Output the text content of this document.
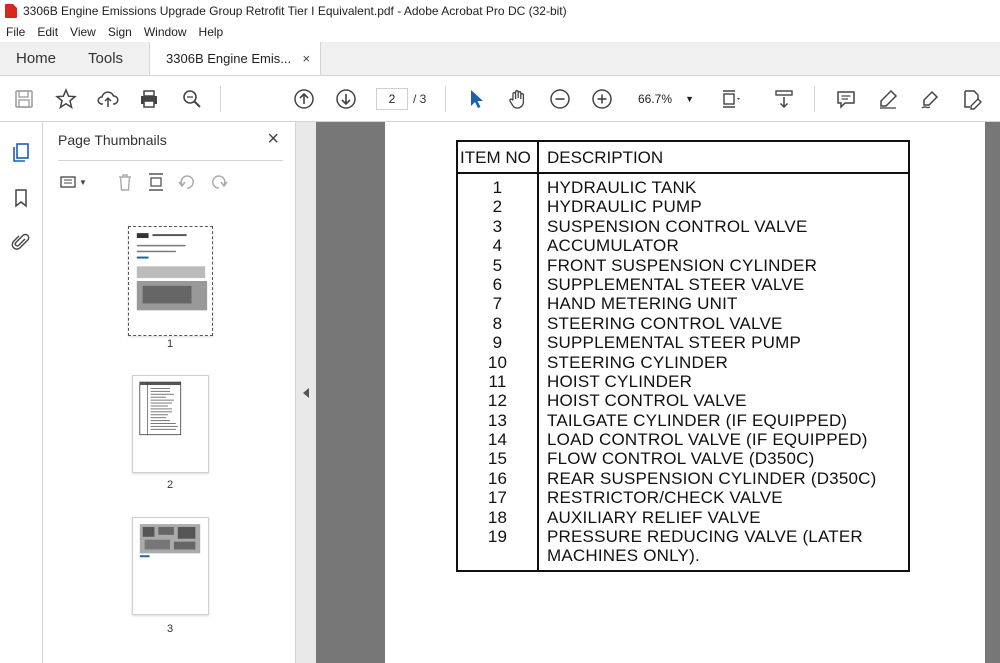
3306B Engine Emissions Upgrade Group Retrofit Tier I Equivalent.pdf - Adobe Acrobat Pro DC (32-bit)
File	Edit	View	Sign	Window	Help
Home	Tools	3306B Engine Emis... ×
2	/ 3	66.7% ▼
Page Thumbnails	×
▼
1
2
3
ITEM NO DESCRIPTION
1	HYDRAULIC TANK
2	HYDRAULIC PUMP
3	SUSPENSION CONTROL VALVE
4	ACCUMULATOR
5	FRONT SUSPENSION CYLINDER
6	SUPPLEMENTAL STEER VALVE
7	HAND METERING UNIT
8	STEERING CONTROL VALVE
9	SUPPLEMENTAL STEER PUMP
10	STEERING CYLINDER
11	HOIST CYLINDER
12	HOIST CONTROL VALVE
13	TAILGATE CYLINDER (IF EQUIPPED)
14	LOAD CONTROL VALVE (IF EQUIPPED)
15	FLOW CONTROL VALVE (D350C)
16	REAR SUSPENSION CYLINDER (D350C)
17	RESTRICTOR/CHECK VALVE
18	AUXILIARY RELIEF VALVE
19	PRESSURE REDUCING VALVE (LATER MACHINES ONLY).
